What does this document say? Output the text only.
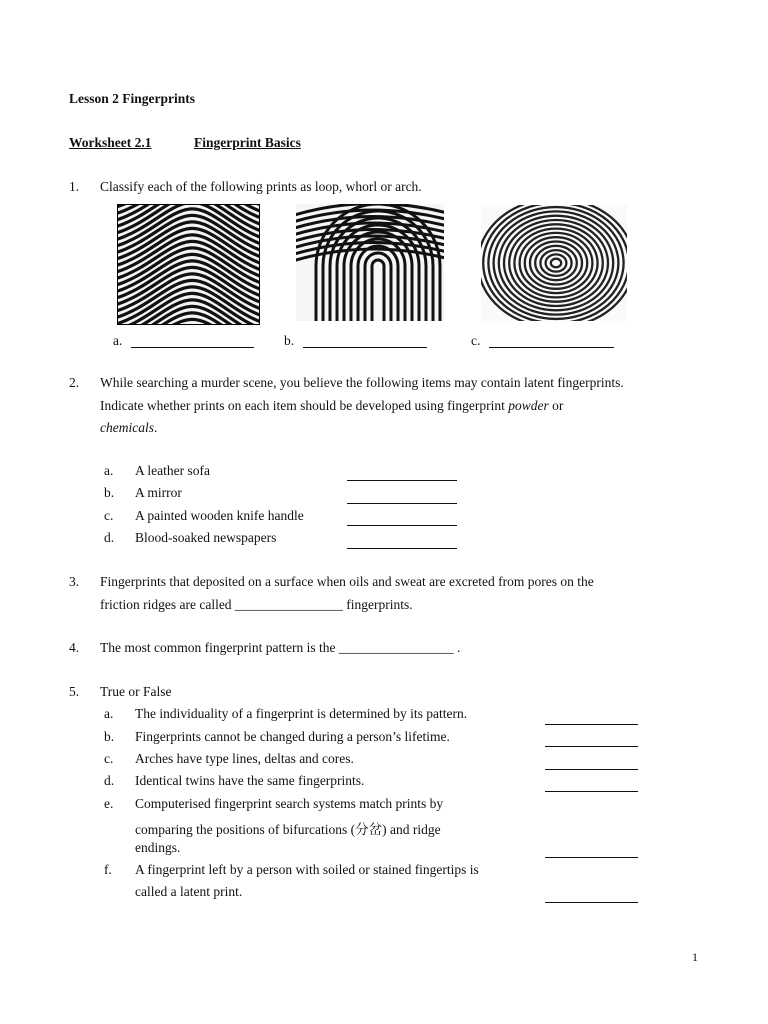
Lesson 2 Fingerprints
Worksheet 2.1	Fingerprint Basics
1. Classify each of the following prints as loop, whorl or arch.
a.	b.	c.
2. While searching a murder scene, you believe the following items may contain latent fingerprints.
Indicate whether prints on each item should be developed using fingerprint powder or
chemicals.
a. A leather sofa
b. A mirror
c. A painted wooden knife handle
d. Blood-soaked newspapers
3. Fingerprints that deposited on a surface when oils and sweat are excreted from pores on the
friction ridges are called ________________ fingerprints.
4. The most common fingerprint pattern is the _________________ .
5. True or False
a. The individuality of a fingerprint is determined by its pattern.
b. Fingerprints cannot be changed during a person’s lifetime.
c. Arches have type lines, deltas and cores.
d. Identical twins have the same fingerprints.
e. Computerised fingerprint search systems match prints by
comparing the positions of bifurcations (分岔) and ridge
endings.
f. A fingerprint left by a person with soiled or stained fingertips is
called a latent print.
1
